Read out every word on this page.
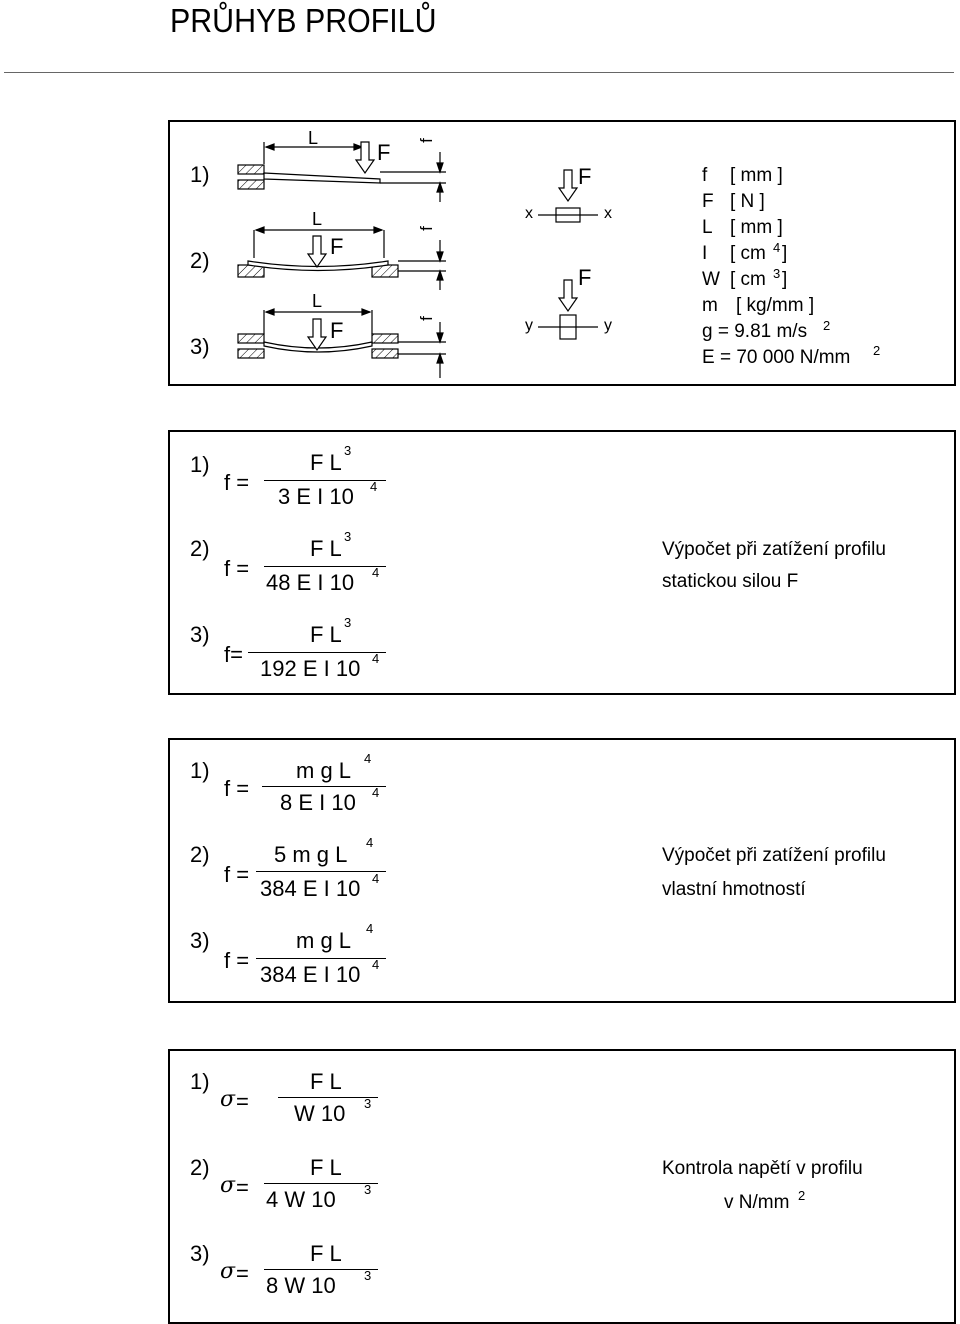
PRŮHYB PROFILŮ
1)
2)
3)
L
F
L
F
L
F
f
f
f
F
x	x
F
y	y
f [ mm ]
F [ N ]
L [ mm ]
I [ cm 4 ]
W [ cm 3 ]
m [ kg/mm ]
g = 9.81 m/s 2
E = 70 000 N/mm 2
1)
f =
F L 3
3 E I 10 4
2)
f =
F L 3
48 E I 10 4
3)
f=
F L 3
192 E I 10 4
Výpočet při zatížení profilu
statickou silou F
1)
f =
m g L 4
8 E I 10 4
2)
f =
5 m g L 4
384 E I 10 4
3)
f =
m g L 4
384 E I 10 4
Výpočet při zatížení profilu
vlastní hmotností
1)
σ =
F L
W 10 3
2)
σ =
F L
4 W 10 3
3)
σ =
F L
8 W 10 3
Kontrola napětí v profilu
v N/mm 2
